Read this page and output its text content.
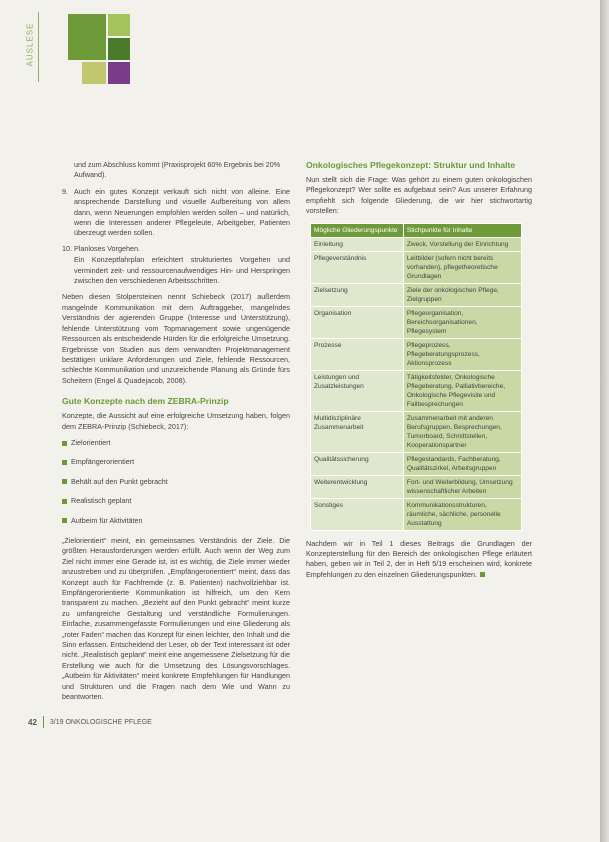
AUSLESE
und zum Abschluss kommt (Praxisprojekt 60% Ergebnis bei 20% Aufwand).
9. Auch ein gutes Konzept verkauft sich nicht von alleine. Eine ansprechende Darstellung und visuelle Aufbereitung von allem dann, wenn Neuerungen empfohlen werden sollen – und natürlich, wenn die Interessen anderer Pflegeleute, Arbeitgeber, Patienten überzeugt werden sollen.
10. Planloses Vorgehen.
Ein Konzeptfahrplan erleichtert strukturiertes Vorgehen und vermindert zeit- und ressourcenaufwendiges Hin- und Herspringen zwischen den verschiedenen Arbeitsschritten.

Neben diesen Stolpersteinen nennt Schiebeck (2017) außerdem mangelnde Kommunikation mit dem Auftraggeber, mangelndes Verständnis der agierenden Gruppe (Interesse und Unterstützung), fehlende Unterstützung vom Topmanagement sowie ungenügende Ressourcen als entscheidende Hürden für die erfolgreiche Umsetzung. Ergebnisse von Studien aus dem verwandten Projektmanagement bestätigen unklare Anforderungen und Ziele, fehlende Ressourcen, schlechte Kommunikation und unzureichende Planung als Gründe fürs Scheitern (Engel & Quadejacob, 2008).

Gute Konzepte nach dem ZEBRA-Prinzip

Konzepte, die Aussicht auf eine erfolgreiche Umsetzung haben, folgen dem ZEBRA-Prinzip (Schiebeck, 2017):

Zielorientiert
Empfängerorientiert
Behält auf den Punkt gebracht
Realistisch geplant
Autbeim für Aktivitäten

„Zielorientiert“ meint, ein gemeinsames Verständnis der Ziele. Die größten Herausforderungen werden erfüllt. Auch wenn der Weg zum Ziel nicht immer eine Gerade ist, ist es wichtig, die Ziele immer wieder anzustreben und zu überprüfen. „Empfängerorientiert“ meint, dass das Konzept auch für Fachfremde (z. B. Patienten) nachvollziehbar ist. Empfängerorientierte Kommunikation ist hilfreich, um den Kern transparent zu machen. „Bezieht auf den Punkt gebracht“ meint kurze zu umfangreiche Gestaltung und verständliche Formulierungen. Einfache, zusammengefasste Formulierungen und eine Gliederung als „roter Faden“ machen das Konzept für einen leichter, den Inhalt und die Sinn erfassen. Entscheidend der Leser, ob der Text interessant ist oder nicht. „Realistisch geplant“ meint eine angemessene Zielsetzung für die Erstellung wie auch für die Umsetzung des Lösungsvorschlages. „Autbeim für Aktivitäten“ meint konkrete Empfehlungen für Handlungen und Strukturen und die Fragen nach dem Wie und Wann zu beantworten.

Onkologisches Pflegekonzept: Struktur und Inhalte

Nun stellt sich die Frage: Was gehört zu einem guten onkologischen Pflegekonzept? Wer sollte es aufgebaut sein? Aus unserer Erfahrung empfiehlt sich folgende Gliederung, die wir hier stichwortartig vorstellen:

Mögliche Gliederungspunkte	Stichpunkte für Inhalte
Einleitung	Zweck, Vorstellung der Einrichtung
Pflegeverständnis	Leitbilder (sofern nicht bereits vorhanden), pflegetheoretische Grundlagen
Zielsetzung	Ziele der onkologischen Pflege, Zielgruppen
Organisation	Pflegeorganisation, Bereichsorganisationen, Pflegesystem
Prozesse	Pflegeprozess, Pflegeberatungsprozess, Aktionsprozess
Leistungen und Zusatzleistungen	Tätigkeitsfelder, Onkologische Pflegeberatung, Palliativbereiche, Onkologische Pflegevisite und Fallbesprechungen
Multidisziplinäre Zusammenarbeit	Zusammenarbeit mit anderen Berufsgruppen, Besprechungen, Tumorboard, Schnittstellen, Kooperationspartner
Qualitätssicherung	Pflegestandards, Fachberatung, Qualitätszirkel, Arbeitsgruppen
Weiterentwicklung	Fort- und Weiterbildung, Umsetzung wissenschaftlicher Arbeiten
Sonstiges	Kommunikationsstrukturen, räumliche, sächliche, personelle Ausstattung

Nachdem wir in Teil 1 dieses Beitrags die Grundlagen der Konzepterstellung für den Bereich der onkologischen Pflege erläutert haben, geben wir in Teil 2, der in Heft 5/19 erscheinen wird, konkrete Empfehlungen zu den einzelnen Gliederungspunkten.

42 3/19 ONKOLOGISCHE PFLEGE
